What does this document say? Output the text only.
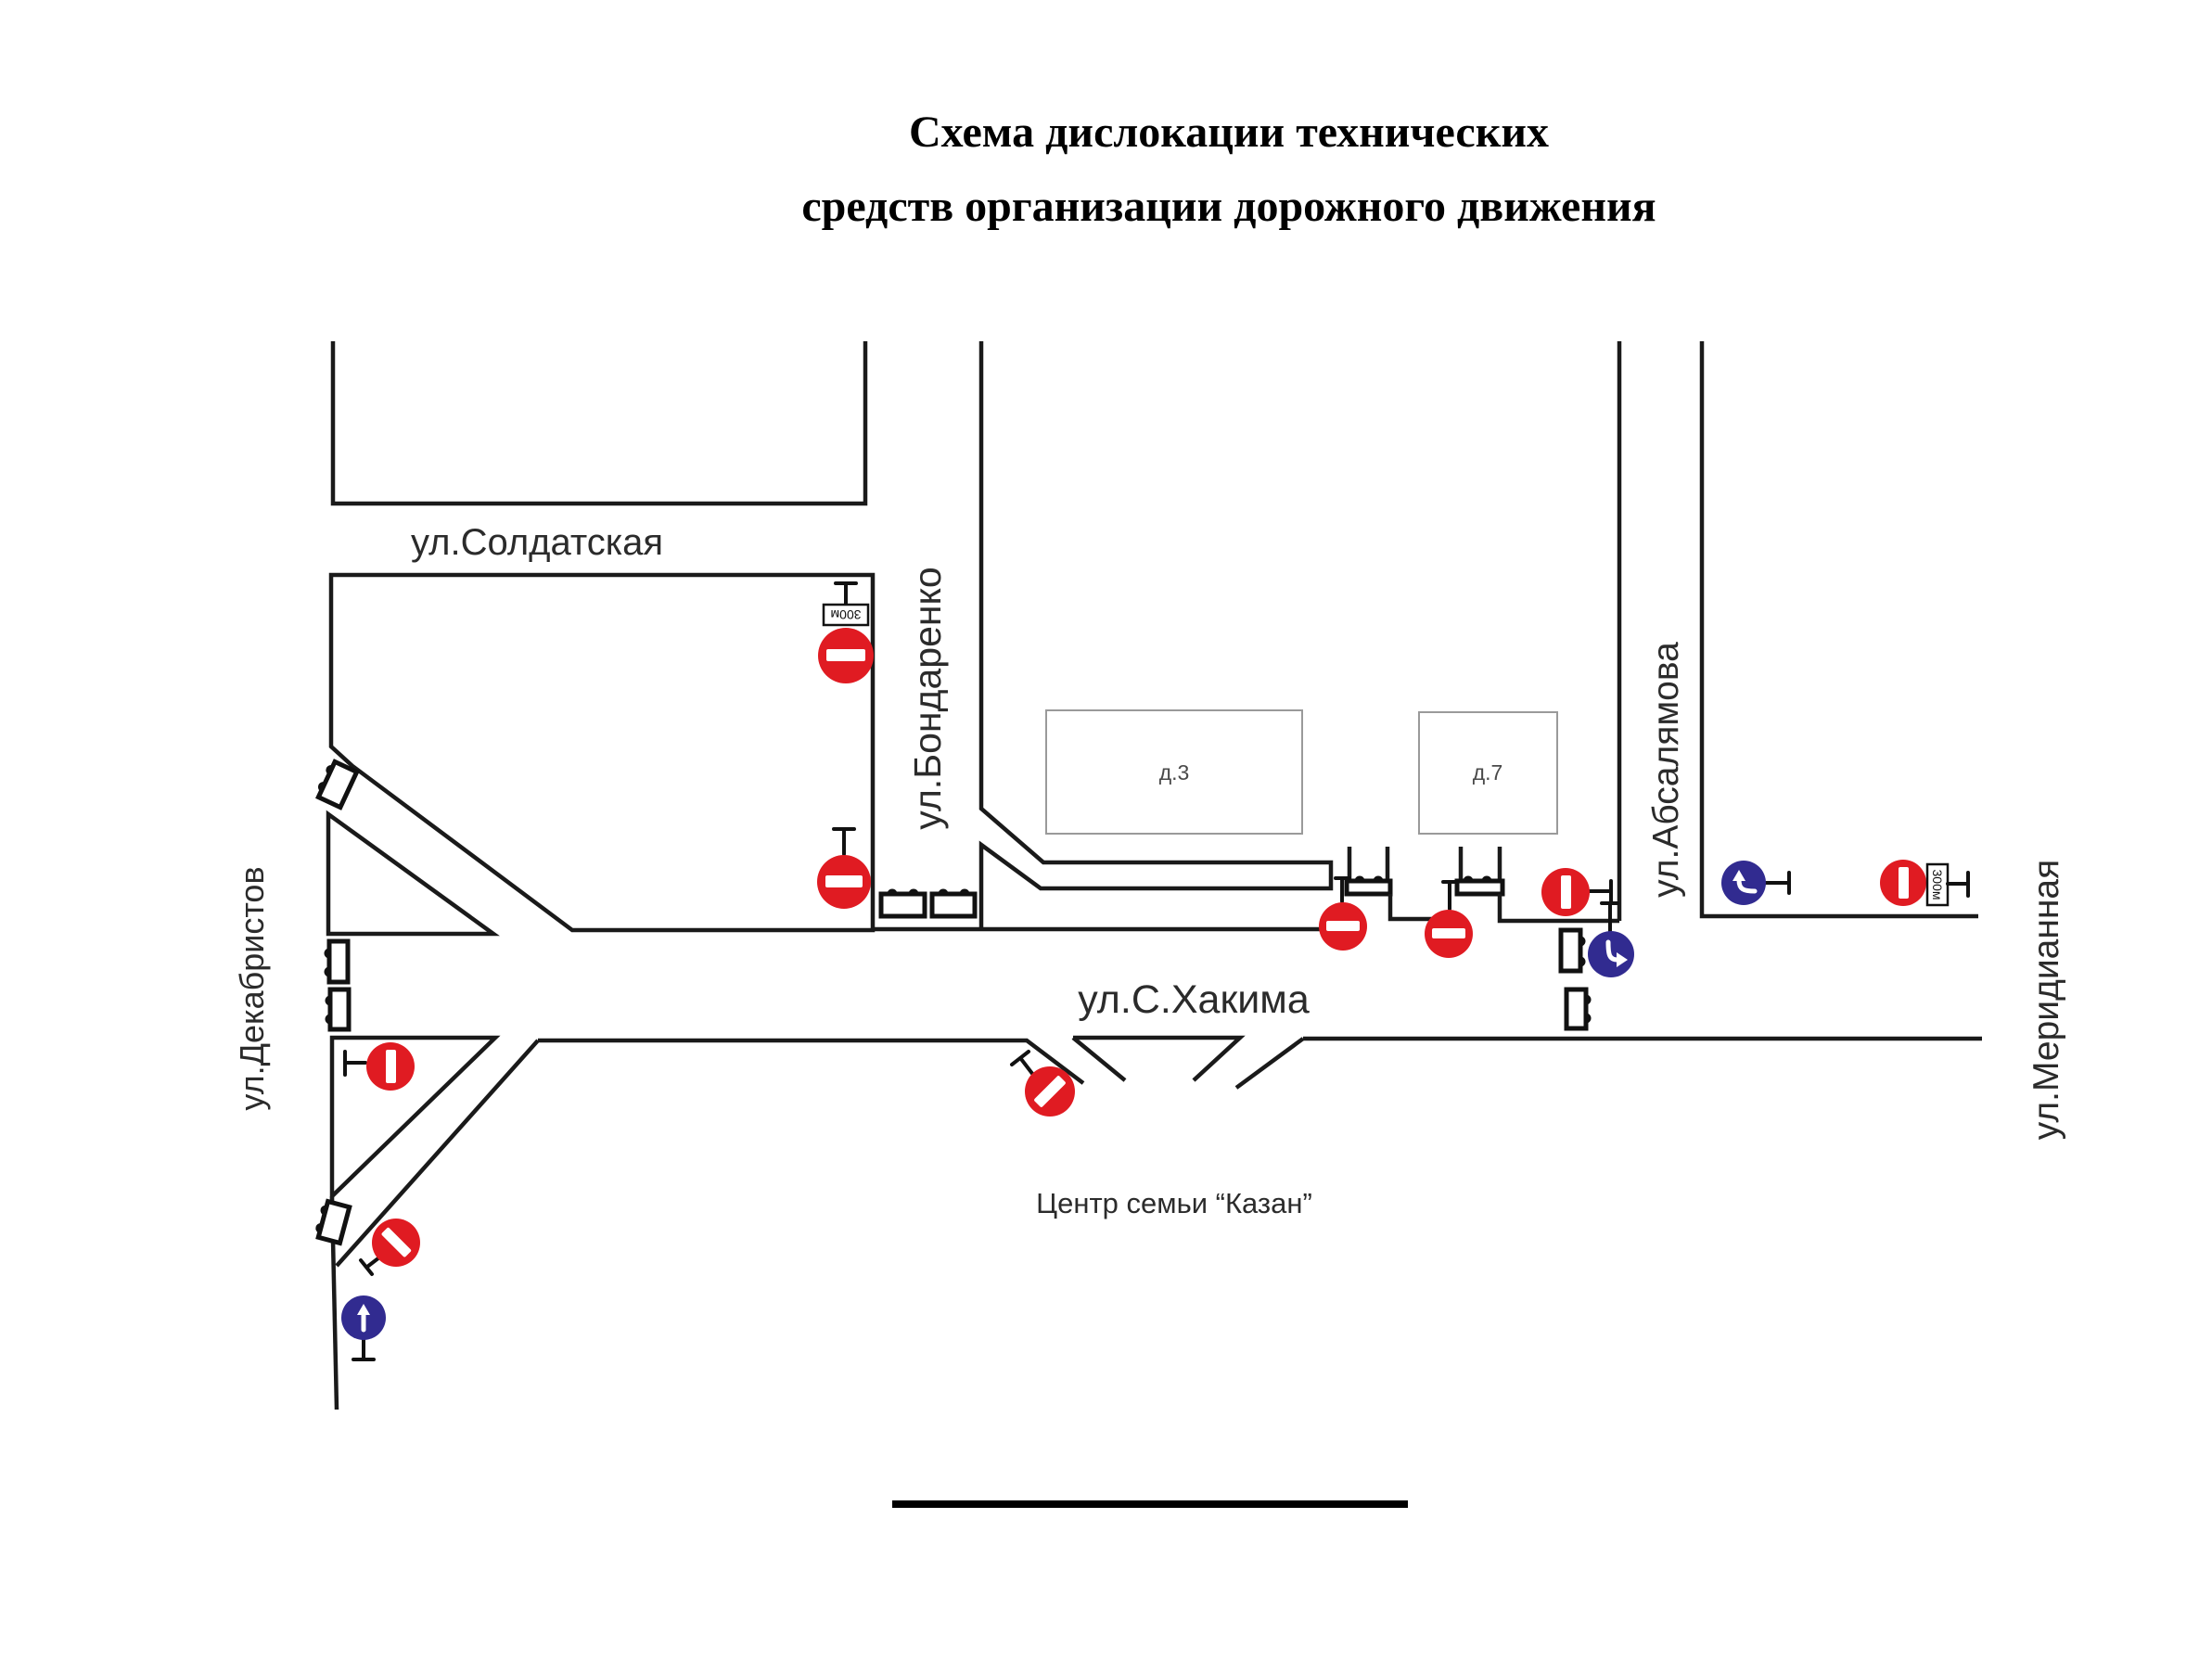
Схема дислокации технических
средств организации дорожного движения
д.3	д.7
300м
300м
ул.Солдатская
ул.Бондаренко
ул.Декабристов
ул.Абсалямова
ул.Меридианная
ул.С.Хакима
Центр семьи “Казан”
